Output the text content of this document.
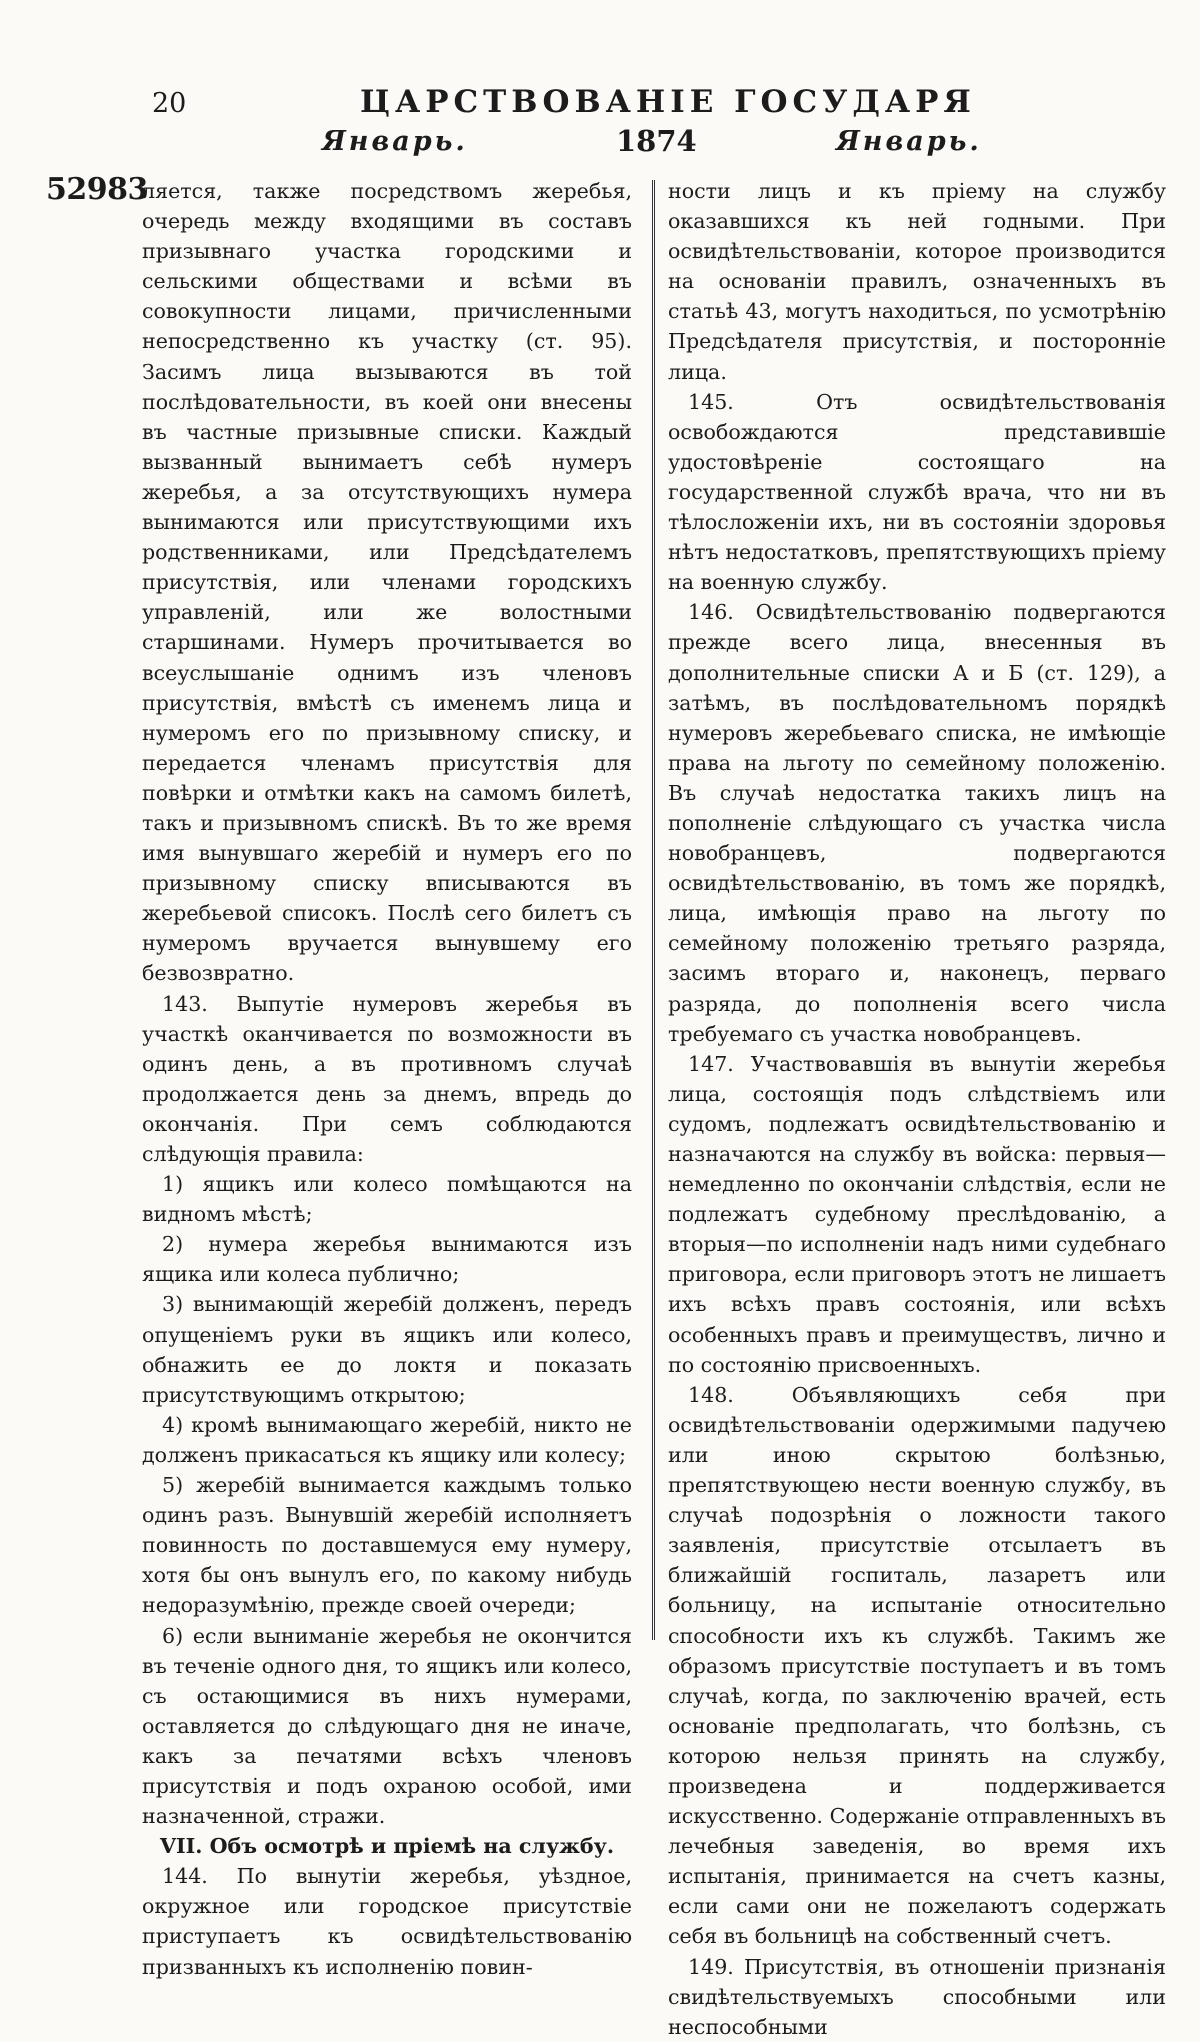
20	ЦАРСТВОВАНІЕ ГОСУДАРЯ
Январь.	1874	Январь.
52983

ляется, также посредствомъ жеребья, очередь между входящими въ составъ призывнаго участка городскими и сельскими обществами и всѣми въ совокупности лицами, причисленными непосредственно къ участку (ст. 95). Засимъ лица вызываются въ той послѣдовательности, въ коей они внесены въ частные призывные списки. Каждый вызванный вынимаетъ себѣ нумеръ жеребья, а за отсутствующихъ нумера вынимаются или присутствующими ихъ родственниками, или Предсѣдателемъ присутствія, или членами городскихъ управленій, или же волостными старшинами. Нумеръ прочитывается во всеуслышаніе однимъ изъ членовъ присутствія, вмѣстѣ съ именемъ лица и нумеромъ его по призывному списку, и передается членамъ присутствія для повѣрки и отмѣтки какъ на самомъ билетѣ, такъ и призывномъ спискѣ. Въ то же время имя вынувшаго жеребій и нумеръ его по призывному списку вписываются въ жеребьевой списокъ. Послѣ сего билетъ съ нумеромъ вручается вынувшему его безвозвратно.

143. Выпутіе нумеровъ жеребья въ участкѣ оканчивается по возможности въ одинъ день, а въ противномъ случаѣ продолжается день за днемъ, впредь до окончанія. При семъ соблюдаются слѣдующія правила:

1) ящикъ или колесо помѣщаются на видномъ мѣстѣ;

2) нумера жеребья вынимаются изъ ящика или колеса публично;

3) вынимающій жеребій долженъ, передъ опущеніемъ руки въ ящикъ или колесо, обнажить ее до локтя и показать присутствующимъ открытою;

4) кромѣ вынимающаго жеребій, никто не долженъ прикасаться къ ящику или колесу;

5) жеребій вынимается каждымъ только одинъ разъ. Вынувшій жеребій исполняетъ повинность по доставшемуся ему нумеру, хотя бы онъ вынулъ его, по какому нибудь недоразумѣнію, прежде своей очереди;

6) если выниманіе жеребья не окончится въ теченіе одного дня, то ящикъ или колесо, съ остающимися въ нихъ нумерами, оставляется до слѣдующаго дня не иначе, какъ за печатями всѣхъ членовъ присутствія и подъ охраною особой, ими назначенной, стражи.

VII. Объ осмотрѣ и пріемѣ на службу.

144. По вынутіи жеребья, уѣздное, окружное или городское присутствіе приступаетъ къ освидѣтельствованію призванныхъ къ исполненію повин-

ности лицъ и къ пріему на службу оказавшихся къ ней годными. При освидѣтельствованіи, которое производится на основаніи правилъ, означенныхъ въ статьѣ 43, могутъ находиться, по усмотрѣнію Предсѣдателя присутствія, и посторонніе лица.

145. Отъ освидѣтельствованія освобождаются представившіе удостовѣреніе состоящаго на государственной службѣ врача, что ни въ тѣлосложеніи ихъ, ни въ состояніи здоровья нѣтъ недостатковъ, препятствующихъ пріему на военную службу.

146. Освидѣтельствованію подвергаются прежде всего лица, внесенныя въ дополнительные списки А и Б (ст. 129), а затѣмъ, въ послѣдовательномъ порядкѣ нумеровъ жеребьеваго списка, не имѣющіе права на льготу по семейному положенію. Въ случаѣ недостатка такихъ лицъ на пополненіе слѣдующаго съ участка числа новобранцевъ, подвергаются освидѣтельствованію, въ томъ же порядкѣ, лица, имѣющія право на льготу по семейному положенію третьяго разряда, засимъ втораго и, наконецъ, перваго разряда, до пополненія всего числа требуемаго съ участка новобранцевъ.

147. Участвовавшія въ вынутіи жеребья лица, состоящія подъ слѣдствіемъ или судомъ, подлежатъ освидѣтельствованію и назначаются на службу въ войска: первыя—немедленно по окончаніи слѣдствія, если не подлежатъ судебному преслѣдованію, а вторыя—по исполненіи надъ ними судебнаго приговора, если приговоръ этотъ не лишаетъ ихъ всѣхъ правъ состоянія, или всѣхъ особенныхъ правъ и преимуществъ, лично и по состоянію присвоенныхъ.

148. Объявляющихъ себя при освидѣтельствованіи одержимыми падучею или иною скрытою болѣзнью, препятствующею нести военную службу, въ случаѣ подозрѣнія о ложности такого заявленія, присутствіе отсылаетъ въ ближайшій госпиталь, лазаретъ или больницу, на испытаніе относительно способности ихъ къ службѣ. Такимъ же образомъ присутствіе поступаетъ и въ томъ случаѣ, когда, по заключенію врачей, есть основаніе предполагать, что болѣзнь, съ которою нельзя принять на службу, произведена и поддерживается искусственно. Содержаніе отправленныхъ въ лечебныя заведенія, во время ихъ испытанія, принимается на счетъ казны, если сами они не пожелаютъ содержать себя въ больницѣ на собственный счетъ.

149. Присутствія, въ отношеніи признанія свидѣтельствуемыхъ способными или неспособными
